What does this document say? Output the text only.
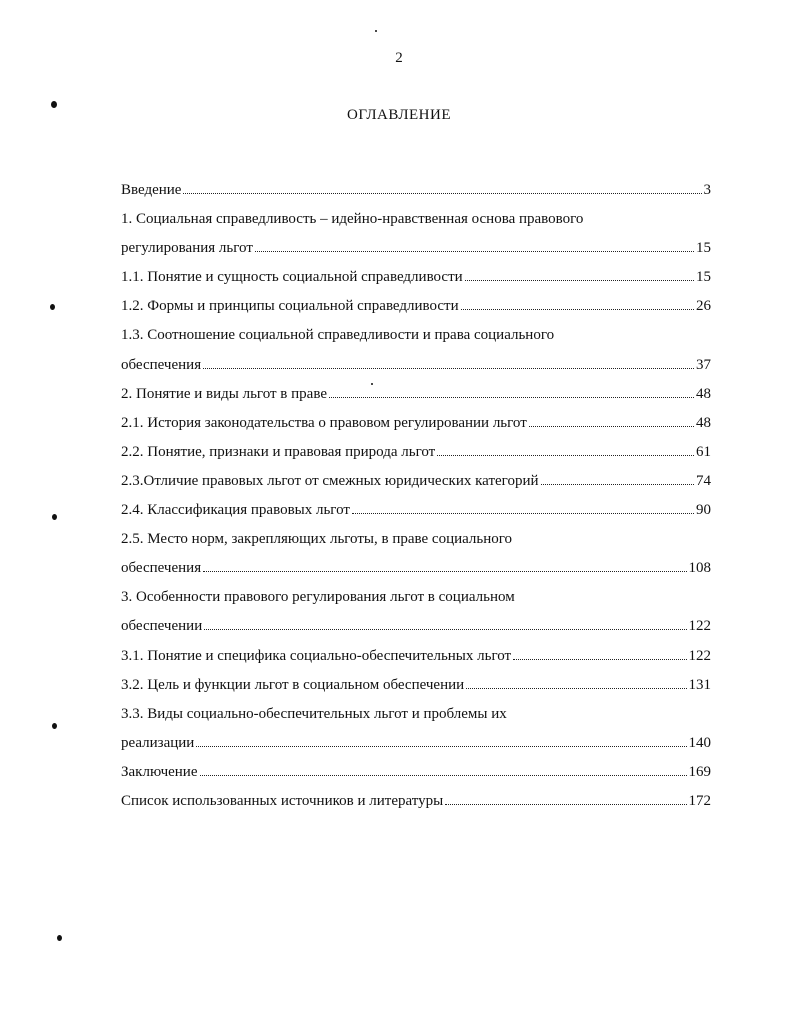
2
ОГЛАВЛЕНИЕ
Введение	3
1. Социальная справедливость – идейно-нравственная основа правового
регулирования льгот	15
1.1. Понятие и сущность социальной справедливости	15
1.2. Формы и принципы социальной справедливости	26
1.3. Соотношение социальной справедливости и права социального
обеспечения	37
2. Понятие и виды льгот в праве	48
2.1. История законодательства о правовом регулировании льгот	48
2.2. Понятие, признаки и правовая природа льгот	61
2.3.Отличие правовых льгот от смежных юридических категорий	74
2.4. Классификация правовых льгот	90
2.5. Место норм, закрепляющих льготы, в праве социального
обеспечения	108
3. Особенности правового регулирования льгот в социальном
обеспечении	122
3.1. Понятие и специфика социально-обеспечительных льгот	122
3.2. Цель и функции льгот в социальном обеспечении	131
3.3. Виды социально-обеспечительных льгот и проблемы их
реализации	140
Заключение	169
Список использованных источников и литературы	172
